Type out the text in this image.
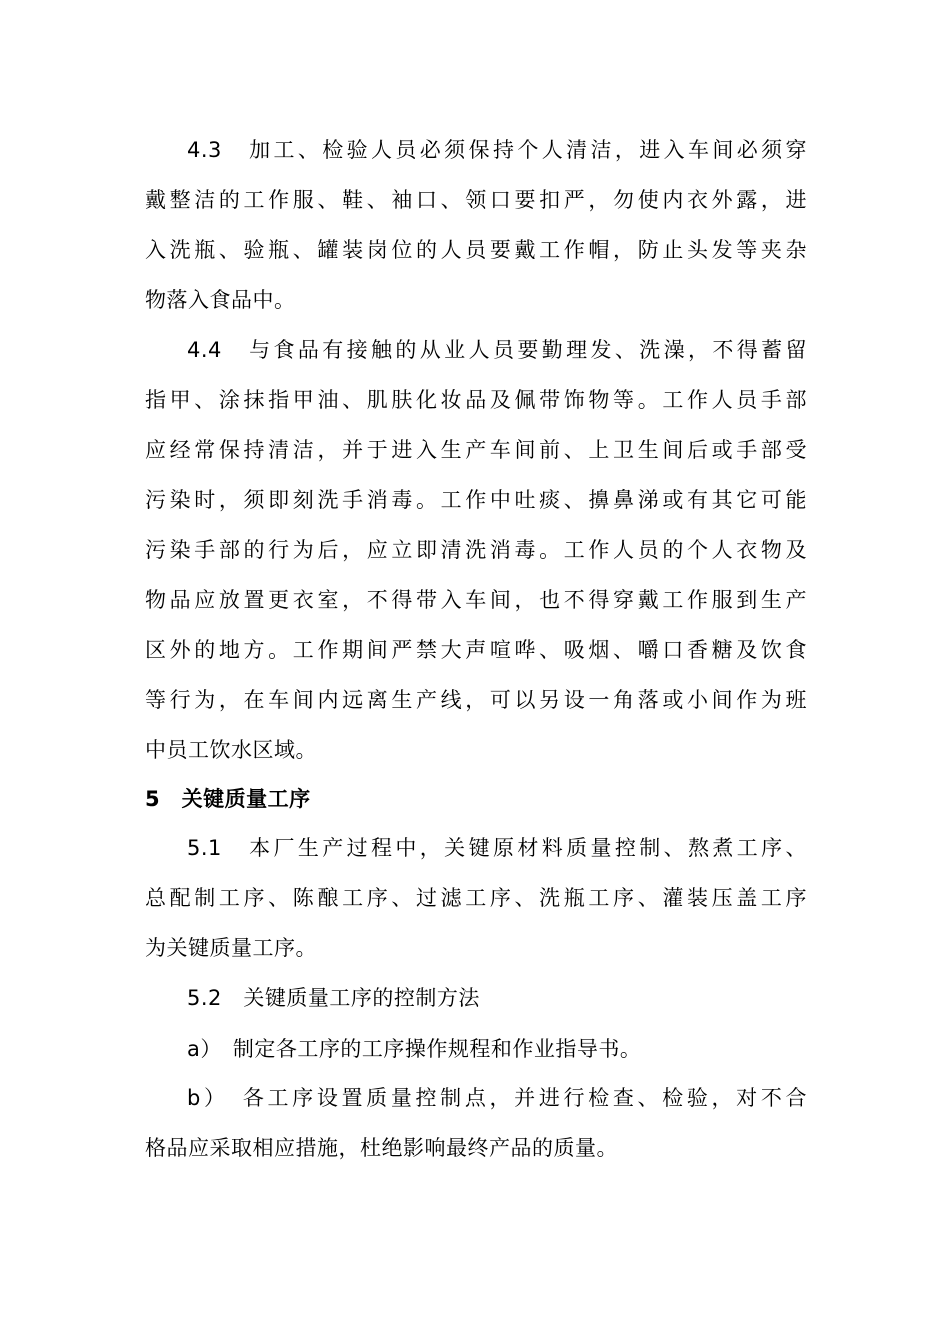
4.3　加工、检验人员必须保持个人清洁，进入车间必须穿
戴整洁的工作服、鞋、袖口、领口要扣严，勿使内衣外露，进
入洗瓶、验瓶、罐装岗位的人员要戴工作帽，防止头发等夹杂
物落入食品中。
4.4　与食品有接触的从业人员要勤理发、洗澡，不得蓄留
指甲、涂抹指甲油、肌肤化妆品及佩带饰物等。工作人员手部
应经常保持清洁，并于进入生产车间前、上卫生间后或手部受
污染时，须即刻洗手消毒。工作中吐痰、擤鼻涕或有其它可能
污染手部的行为后，应立即清洗消毒。工作人员的个人衣物及
物品应放置更衣室，不得带入车间，也不得穿戴工作服到生产
区外的地方。工作期间严禁大声喧哗、吸烟、嚼口香糖及饮食
等行为，在车间内远离生产线，可以另设一角落或小间作为班
中员工饮水区域。
5　关键质量工序
5.1　本厂生产过程中，关键原材料质量控制、熬煮工序、
总配制工序、陈酿工序、过滤工序、洗瓶工序、灌装压盖工序
为关键质量工序。
5.2　关键质量工序的控制方法
a）　制定各工序的工序操作规程和作业指导书。
b）　各工序设置质量控制点，并进行检查、检验，对不合
格品应采取相应措施，杜绝影响最终产品的质量。
